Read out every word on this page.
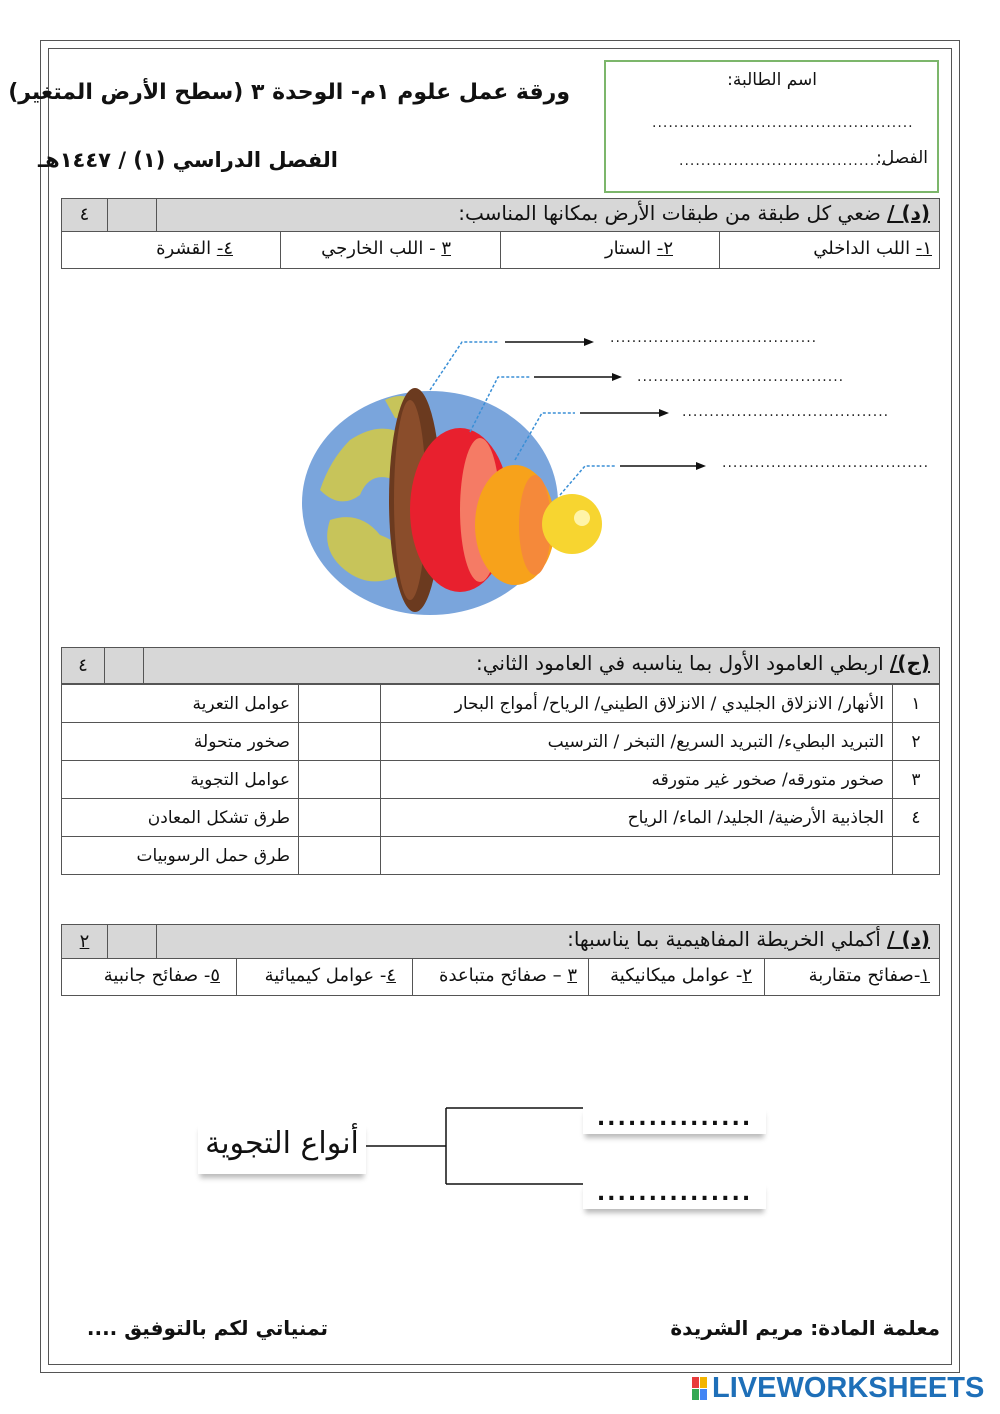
ورقة عمل علوم ١م- الوحدة ٣ (سطح الأرض المتغير)
الفصل الدراسي (١) / ١٤٤٧هـ
اسم الطالبة:
................................................
الفصل:
......................................
٤	(د) / ضعي كل طبقة من طبقات الأرض بمكانها المناسب:
١- اللب الداخلي
٢- الستار
٣ - اللب الخارجي
٤- القشرة
......................................
......................................
......................................
......................................
٤	(ج)/ اربطي العامود الأول بما يناسبه في العامود الثاني:
١	الأنهار/ الانزلاق الجليدي / الانزلاق الطيني/ الرياح/ أمواج البحار		عوامل التعرية
٢	التبريد البطيء/ التبريد السريع/ التبخر / الترسيب		صخور متحولة
٣	صخور متورقه/ صخور غير متورقه		عوامل التجوية
٤	الجاذبية الأرضية/ الجليد/ الماء/ الرياح		طرق تشكل المعادن
			طرق حمل الرسوبيات
٢	(د) / أكملي الخريطة المفاهيمية بما يناسبها:
١-صفائح متقاربة
٢- عوامل ميكانيكية
٣ – صفائح متباعدة
٤- عوامل كيميائية
٥- صفائح جانبية
أنواع التجوية
...............
...............
معلمة المادة: مريم الشريدة
تمنياتي لكم بالتوفيق ....
LIVEWORKSHEETS
